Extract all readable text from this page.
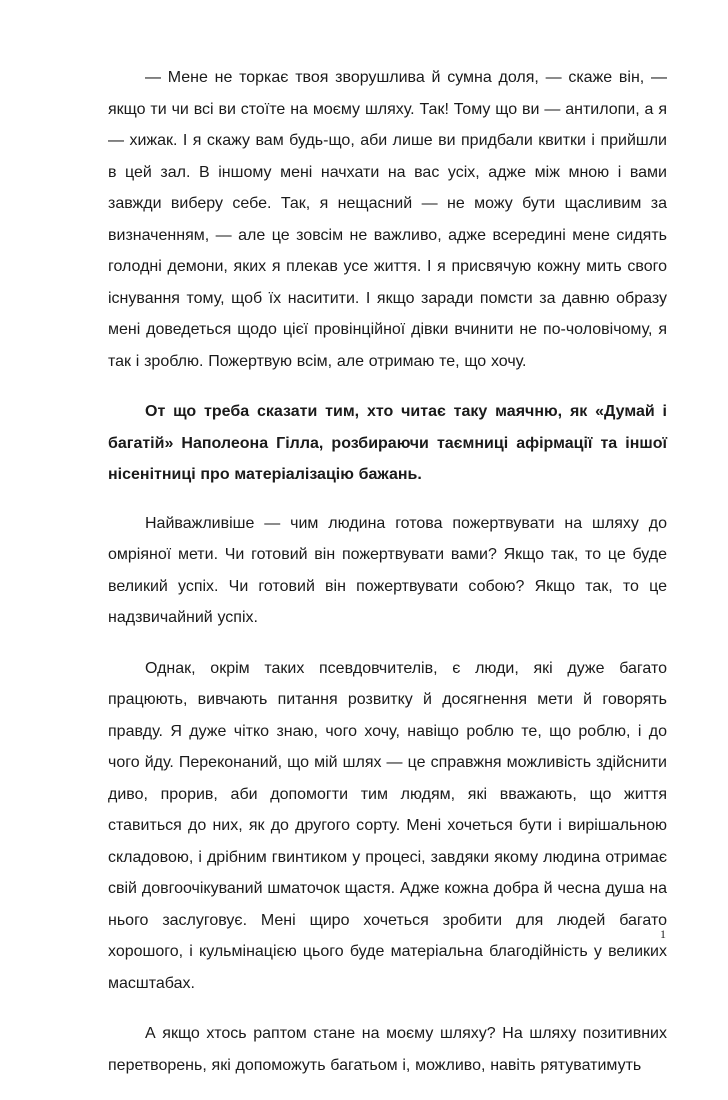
— Мене не торкає твоя зворушлива й сумна доля, — скаже він, — якщо ти чи всі ви стоїте на моєму шляху. Так! Тому що ви — антилопи, а я — хижак. І я скажу вам будь-що, аби лише ви придбали квитки і прийшли в цей зал. В іншому мені начхати на вас усіх, адже між мною і вами завжди виберу себе. Так, я нещасний — не можу бути щасливим за визначенням, — але це зовсім не важливо, адже всередині мене сидять голодні демони, яких я плекав усе життя. І я присвячую кожну мить свого існування тому, щоб їх наситити. І якщо заради помсти за давню образу мені доведеться щодо цієї провінційної дівки вчинити не по-чоловічому, я так і зроблю. Пожертвую всім, але отримаю те, що хочу.

От що треба сказати тим, хто читає таку маячню, як «Думай і багатій» Наполеона Гілла, розбираючи таємниці афірмації та іншої нісенітниці про матеріалізацію бажань.

Найважливіше — чим людина готова пожертвувати на шляху до омріяної мети. Чи готовий він пожертвувати вами? Якщо так, то це буде великий успіх. Чи готовий він пожертвувати собою? Якщо так, то це надзвичайний успіх.

Однак, окрім таких псевдовчителів, є люди, які дуже багато працюють, вивчають питання розвитку й досягнення мети й говорять правду. Я дуже чітко знаю, чого хочу, навіщо роблю те, що роблю, і до чого йду. Переконаний, що мій шлях — це справжня можливість здійснити диво, прорив, аби допомогти тим людям, які вважають, що життя ставиться до них, як до другого сорту. Мені хочеться бути і вирішальною складовою, і дрібним гвинтиком у процесі, завдяки якому людина отримає свій довгоочікуваний шматочок щастя. Адже кожна добра й чесна душа на нього заслуговує. Мені щиро хочеться зробити для людей багато хорошого, і кульмінацією цього буде матеріальна благодійність у великих масштабах.

А якщо хтось раптом стане на моєму шляху? На шляху позитивних перетворень, які допоможуть багатьом і, можливо, навіть рятуватимуть

1
